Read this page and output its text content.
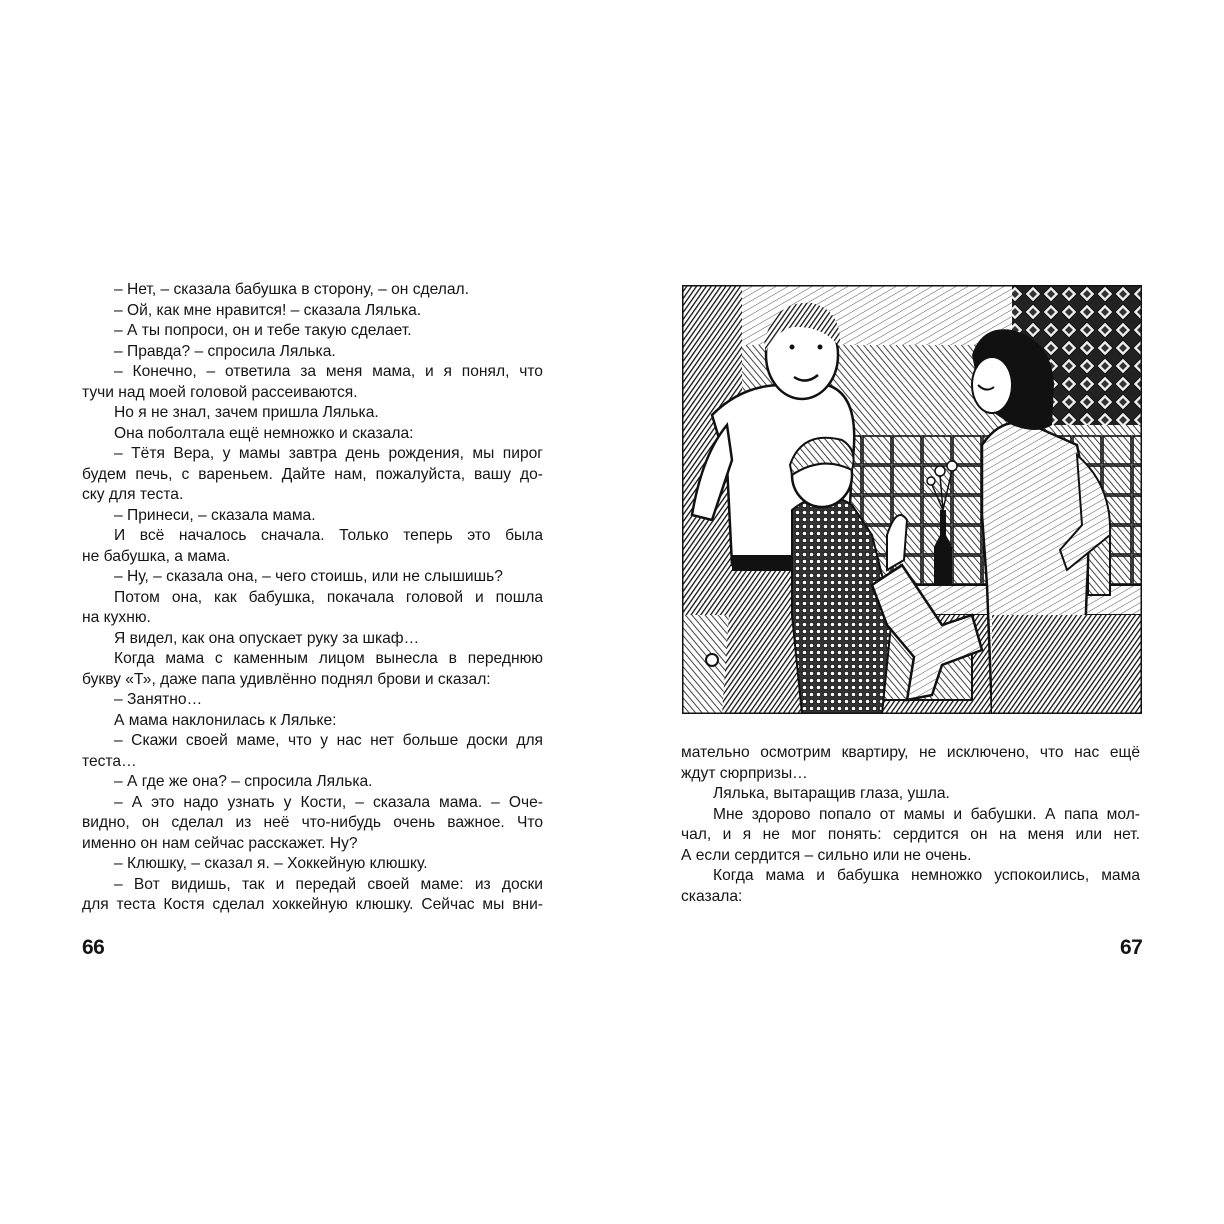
– Нет, – сказала бабушка в сторону, – он сделал.
– Ой, как мне нравится! – сказала Лялька.
– А ты попроси, он и тебе такую сделает.
– Правда? – спросила Лялька.
– Конечно, – ответила за меня мама, и я понял, что
тучи над моей головой рассеиваются.
Но я не знал, зачем пришла Лялька.
Она поболтала ещё немножко и сказала:
– Тётя Вера, у мамы завтра день рождения, мы пирог
будем печь, с вареньем. Дайте нам, пожалуйста, вашу до-
ску для теста.
– Принеси, – сказала мама.
И всё началось сначала. Только теперь это была
не бабушка, а мама.
– Ну, – сказала она, – чего стоишь, или не слышишь?
Потом она, как бабушка, покачала головой и пошла
на кухню.
Я видел, как она опускает руку за шкаф…
Когда мама с каменным лицом вынесла в переднюю
букву «Т», даже папа удивлённо поднял брови и сказал:
– Занятно…
А мама наклонилась к Ляльке:
– Скажи своей маме, что у нас нет больше доски для
теста…
– А где же она? – спросила Лялька.
– А это надо узнать у Кости, – сказала мама. – Оче-
видно, он сделал из неё что-нибудь очень важное. Что
именно он нам сейчас расскажет. Ну?
– Клюшку, – сказал я. – Хоккейную клюшку.
– Вот видишь, так и передай своей маме: из доски
для теста Костя сделал хоккейную клюшку. Сейчас мы вни-
66
мательно осмотрим квартиру, не исключено, что нас ещё
ждут сюрпризы…
Лялька, вытаращив глаза, ушла.
Мне здорово попало от мамы и бабушки. А папа мол-
чал, и я не мог понять: сердится он на меня или нет.
А если сердится – сильно или не очень.
Когда мама и бабушка немножко успокоились, мама
сказала:
67
